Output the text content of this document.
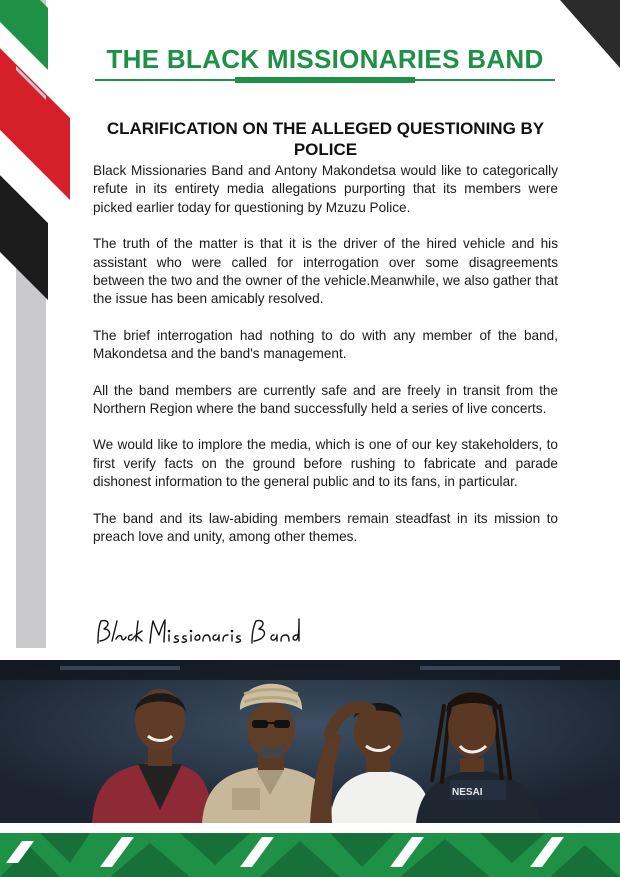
THE BLACK MISSIONARIES BAND
CLARIFICATION ON THE ALLEGED QUESTIONING BY POLICE

Black Missionaries Band and Antony Makondetsa would like to categorically refute in its entirety media allegations purporting that its members were picked earlier today for questioning by Mzuzu Police.

The truth of the matter is that it is the driver of the hired vehicle and his assistant who were called for interrogation over some disagreements between the two and the owner of the vehicle.Meanwhile, we also gather that the issue has been amicably resolved.

The brief interrogation had nothing to do with any member of the band, Makondetsa and the band's management.

All the band members are currently safe and are freely in transit from the Northern Region where the band successfully held a series of live concerts.

We would like to implore the media, which is one of our key stakeholders, to first verify facts on the ground before rushing to fabricate and parade dishonest information to the general public and to its fans, in particular.

The band and its law-abiding members remain steadfast in its mission to preach love and unity, among other themes.

NESAI
